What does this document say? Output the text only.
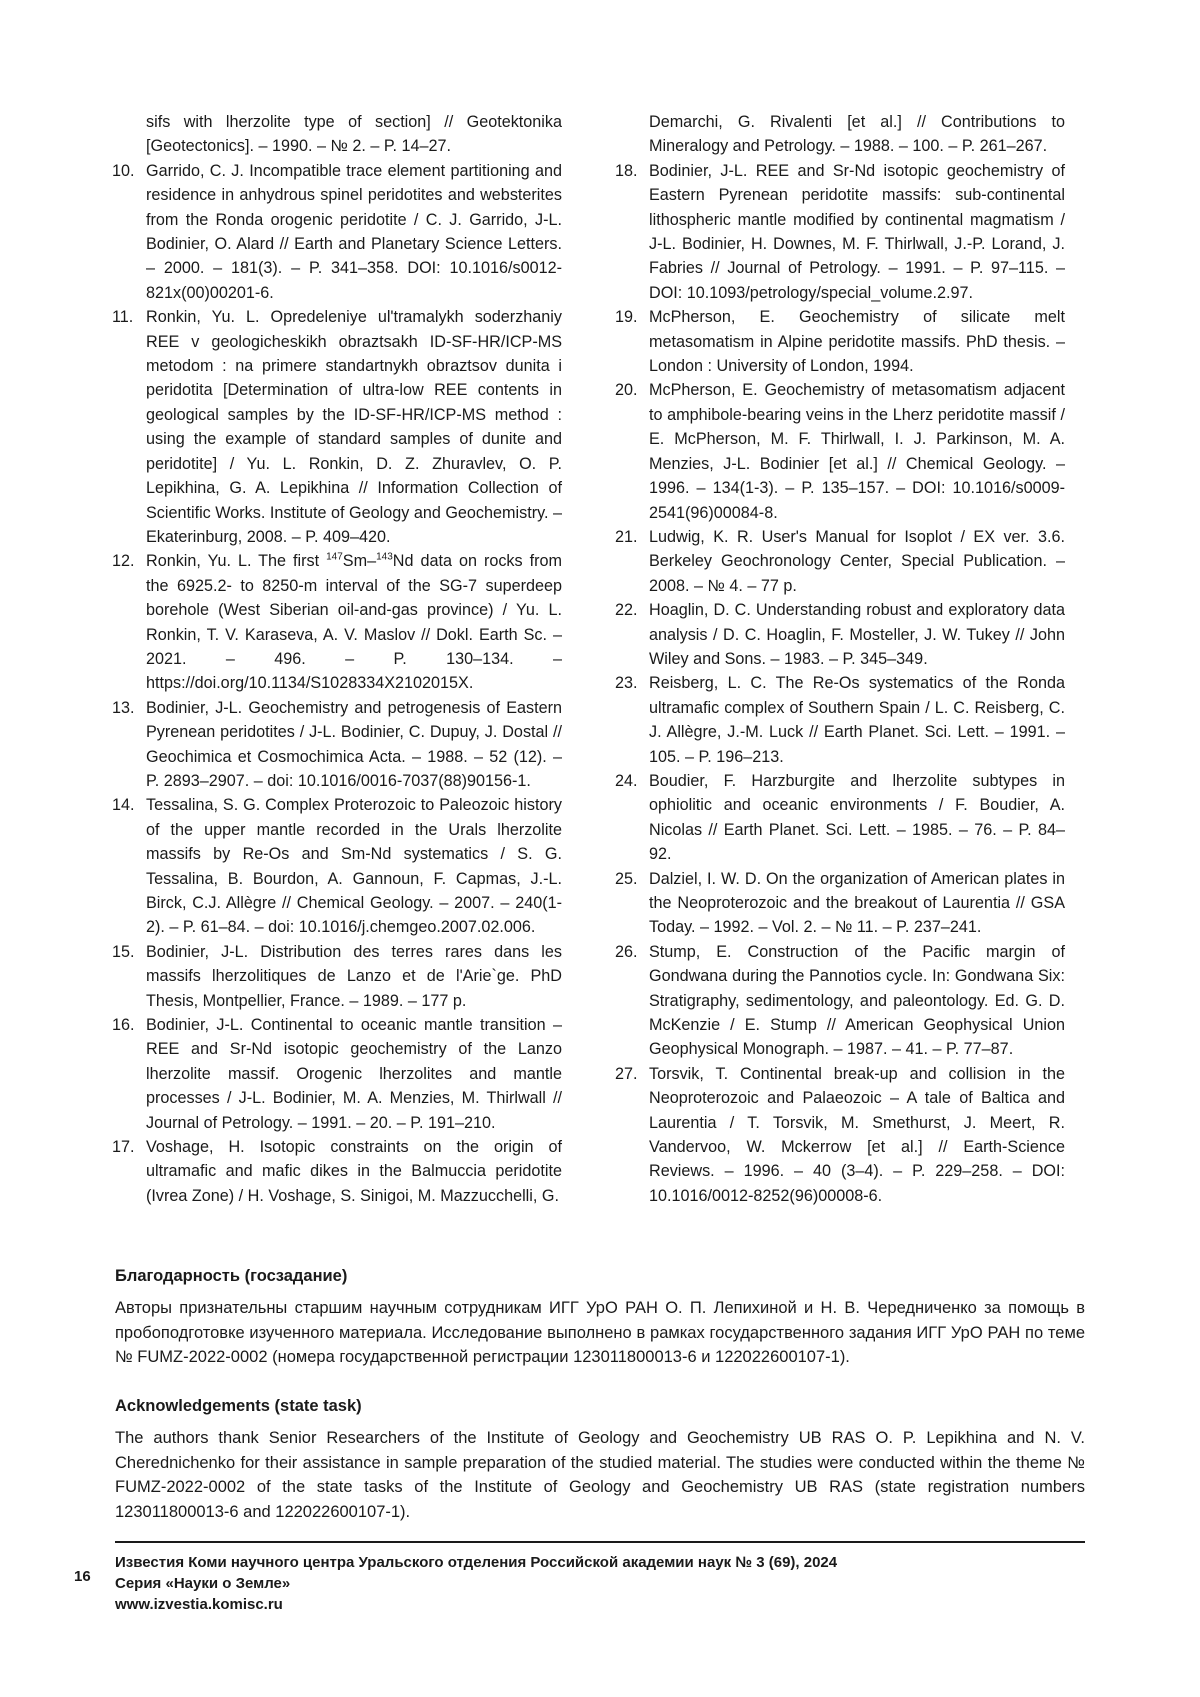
sifs with lherzolite type of section] // Geotektonika [Geotectonics]. – 1990. – № 2. – P. 14–27.
10. Garrido, C. J. Incompatible trace element partitioning and residence in anhydrous spinel peridotites and websterites from the Ronda orogenic peridotite / C. J. Garrido, J-L. Bodinier, O. Alard // Earth and Planetary Science Letters. – 2000. – 181(3). – P. 341–358. DOI: 10.1016/s0012-821x(00)00201-6.
11. Ronkin, Yu. L. Opredeleniye ul'tramalykh soderzhaniy REE v geologicheskikh obraztsakh ID-SF-HR/ICP-MS metodom : na primere standartnykh obraztsov dunita i peridotita [Determination of ultra-low REE contents in geological samples by the ID-SF-HR/ICP-MS method : using the example of standard samples of dunite and peridotite] / Yu. L. Ronkin, D. Z. Zhuravlev, O. P. Lepikhina, G. A. Lepikhina // Information Collection of Scientific Works. Institute of Geology and Geochemistry. – Ekaterinburg, 2008. – P. 409–420.
12. Ronkin, Yu. L. The first $^{147}$Sm–$^{143}$Nd data on rocks from the 6925.2- to 8250-m interval of the SG-7 superdeep borehole (West Siberian oil-and-gas province) / Yu. L. Ronkin, T. V. Karaseva, A. V. Maslov // Dokl. Earth Sc. – 2021. – 496. – P. 130–134. – https://doi.org/10.1134/S1028334X2102015X.
13. Bodinier, J-L. Geochemistry and petrogenesis of Eastern Pyrenean peridotites / J-L. Bodinier, C. Dupuy, J. Dostal // Geochimica et Cosmochimica Acta. – 1988. – 52 (12). – P. 2893–2907. – doi: 10.1016/0016-7037(88)90156-1.
14. Tessalina, S. G. Complex Proterozoic to Paleozoic history of the upper mantle recorded in the Urals lherzolite massifs by Re-Os and Sm-Nd systematics / S. G. Tessalina, B. Bourdon, A. Gannoun, F. Capmas, J.-L. Birck, C.J. Allègre // Chemical Geology. – 2007. – 240(1-2). – P. 61–84. – doi: 10.1016/j.chemgeo.2007.02.006.
15. Bodinier, J-L. Distribution des terres rares dans les massifs lherzolitiques de Lanzo et de l'Arie`ge. PhD Thesis, Montpellier, France. – 1989. – 177 p.
16. Bodinier, J-L. Continental to oceanic mantle transition – REE and Sr-Nd isotopic geochemistry of the Lanzo lherzolite massif. Orogenic lherzolites and mantle processes / J-L. Bodinier, M. A. Menzies, M. Thirlwall // Journal of Petrology. – 1991. – 20. – P. 191–210.
17. Voshage, H. Isotopic constraints on the origin of ultramafic and mafic dikes in the Balmuccia peridotite (Ivrea Zone) / H. Voshage, S. Sinigoi, M. Mazzucchelli, G.
Demarchi, G. Rivalenti [et al.] // Contributions to Mineralogy and Petrology. – 1988. – 100. – P. 261–267.
18. Bodinier, J-L. REE and Sr-Nd isotopic geochemistry of Eastern Pyrenean peridotite massifs: sub-continental lithospheric mantle modified by continental magmatism / J-L. Bodinier, H. Downes, M. F. Thirlwall, J.-P. Lorand, J. Fabries // Journal of Petrology. – 1991. – P. 97–115. – DOI: 10.1093/petrology/special_volume.2.97.
19. McPherson, E. Geochemistry of silicate melt metasomatism in Alpine peridotite massifs. PhD thesis. – London : University of London, 1994.
20. McPherson, E. Geochemistry of metasomatism adjacent to amphibole-bearing veins in the Lherz peridotite massif / E. McPherson, M. F. Thirlwall, I. J. Parkinson, M. A. Menzies, J-L. Bodinier [et al.] // Chemical Geology. – 1996. – 134(1-3). – P. 135–157. – DOI: 10.1016/s0009-2541(96)00084-8.
21. Ludwig, K. R. User's Manual for Isoplot / EX ver. 3.6. Berkeley Geochronology Center, Special Publication. – 2008. – № 4. – 77 p.
22. Hoaglin, D. C. Understanding robust and exploratory data analysis / D. C. Hoaglin, F. Mosteller, J. W. Tukey // John Wiley and Sons. – 1983. – P. 345–349.
23. Reisberg, L. C. The Re-Os systematics of the Ronda ultramafic complex of Southern Spain / L. C. Reisberg, C. J. Allègre, J.-M. Luck // Earth Planet. Sci. Lett. – 1991. – 105. – P. 196–213.
24. Boudier, F. Harzburgite and lherzolite subtypes in ophiolitic and oceanic environments / F. Boudier, A. Nicolas // Earth Planet. Sci. Lett. – 1985. – 76. – P. 84–92.
25. Dalziel, I. W. D. On the organization of American plates in the Neoproterozoic and the breakout of Laurentia // GSA Today. – 1992. – Vol. 2. – № 11. – P. 237–241.
26. Stump, E. Construction of the Pacific margin of Gondwana during the Pannotios cycle. In: Gondwana Six: Stratigraphy, sedimentology, and paleontology. Ed. G. D. McKenzie / E. Stump // American Geophysical Union Geophysical Monograph. – 1987. – 41. – P. 77–87.
27. Torsvik, T. Continental break-up and collision in the Neoproterozoic and Palaeozoic – A tale of Baltica and Laurentia / T. Torsvik, M. Smethurst, J. Meert, R. Vandervoo, W. Mckerrow [et al.] // Earth-Science Reviews. – 1996. – 40 (3–4). – P. 229–258. – DOI: 10.1016/0012-8252(96)00008-6.

Благодарность (госзадание)

Авторы признательны старшим научным сотрудникам ИГГ УрО РАН О. П. Лепихиной и Н. В. Чередниченко за помощь в пробоподготовке изученного материала. Исследование выполнено в рамках государственного задания ИГГ УрО РАН по теме № FUMZ-2022-0002 (номера государственной регистрации 123011800013-6 и 122022600107-1).

Acknowledgements (state task)

The authors thank Senior Researchers of the Institute of Geology and Geochemistry UB RAS O. P. Lepikhina and N. V. Cherednichenko for their assistance in sample preparation of the studied material. The studies were conducted within the theme № FUMZ-2022-0002 of the state tasks of the Institute of Geology and Geochemistry UB RAS (state registration numbers 123011800013-6 and 122022600107-1).

16
Известия Коми научного центра Уральского отделения Российской академии наук № 3 (69), 2024
Серия «Науки о Земле»
www.izvestia.komisc.ru
